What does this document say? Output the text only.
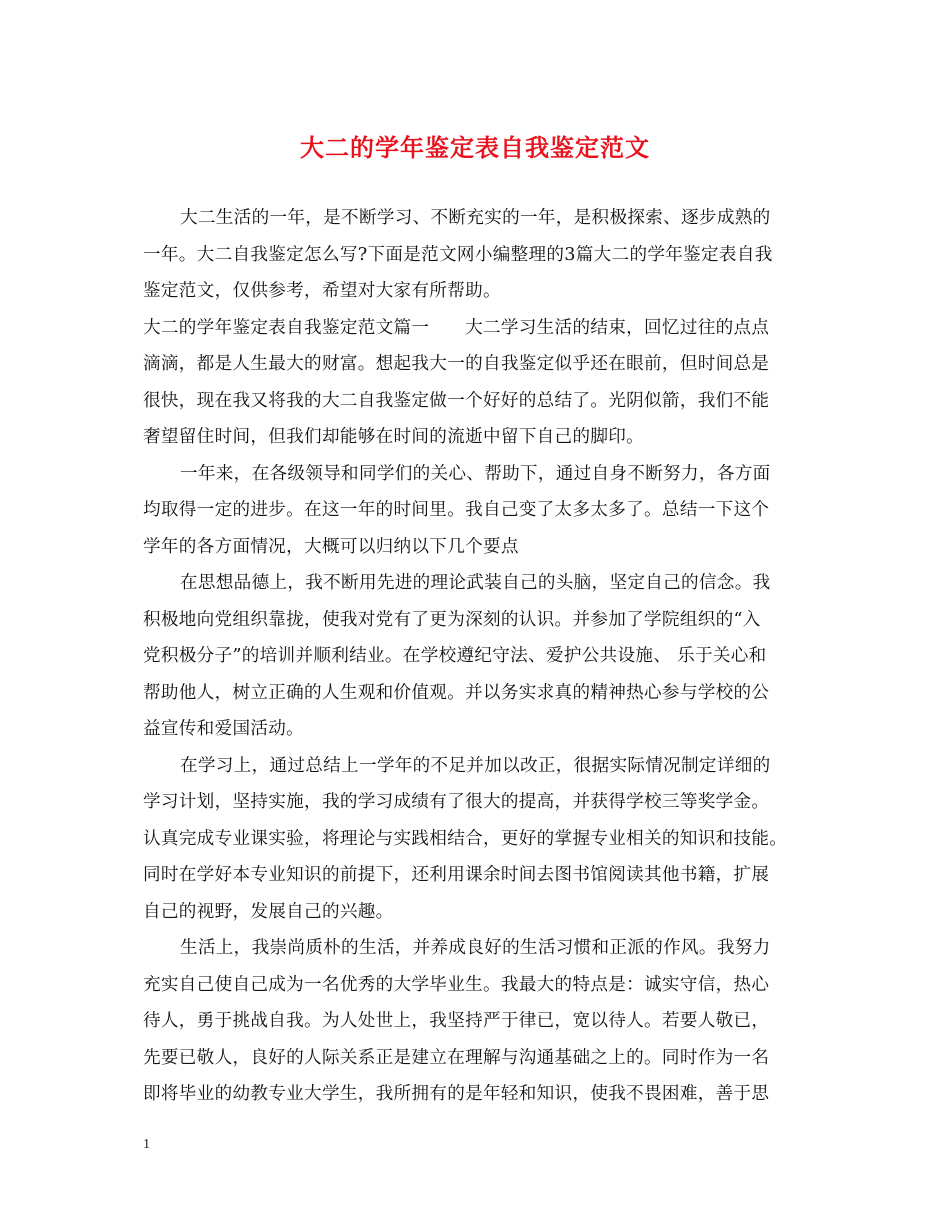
大二的学年鉴定表自我鉴定范文
大二生活的一年，是不断学习、不断充实的一年，是积极探索、逐步成熟的
一年。大二自我鉴定怎么写?下面是范文网小编整理的3篇大二的学年鉴定表自我
鉴定范文，仅供参考，希望对大家有所帮助。
大二的学年鉴定表自我鉴定范文篇一　　大二学习生活的结束，回忆过往的点点
滴滴，都是人生最大的财富。想起我大一的自我鉴定似乎还在眼前，但时间总是
很快，现在我又将我的大二自我鉴定做一个好好的总结了。光阴似箭，我们不能
奢望留住时间，但我们却能够在时间的流逝中留下自己的脚印。
一年来，在各级领导和同学们的关心、帮助下，通过自身不断努力，各方面
均取得一定的进步。在这一年的时间里。我自己变了太多太多了。总结一下这个
学年的各方面情况，大概可以归纳以下几个要点
在思想品德上，我不断用先进的理论武装自己的头脑，坚定自己的信念。我
积极地向党组织靠拢，使我对党有了更为深刻的认识。并参加了学院组织的“入
党积极分子”的培训并顺利结业。在学校遵纪守法、爱护公共设施、 乐于关心和
帮助他人，树立正确的人生观和价值观。并以务实求真的精神热心参与学校的公
益宣传和爱国活动。
在学习上，通过总结上一学年的不足并加以改正，很据实际情况制定详细的
学习计划，坚持实施，我的学习成绩有了很大的提高，并获得学校三等奖学金。
认真完成专业课实验，将理论与实践相结合，更好的掌握专业相关的知识和技能。
同时在学好本专业知识的前提下，还利用课余时间去图书馆阅读其他书籍，扩展
自己的视野，发展自己的兴趣。
生活上，我崇尚质朴的生活，并养成良好的生活习惯和正派的作风。我努力
充实自己使自己成为一名优秀的大学毕业生。我最大的特点是：诚实守信，热心
待人，勇于挑战自我。为人处世上，我坚持严于律已，宽以待人。若要人敬已，
先要已敬人，良好的人际关系正是建立在理解与沟通基础之上的。同时作为一名
即将毕业的幼教专业大学生，我所拥有的是年轻和知识，使我不畏困难，善于思
1
